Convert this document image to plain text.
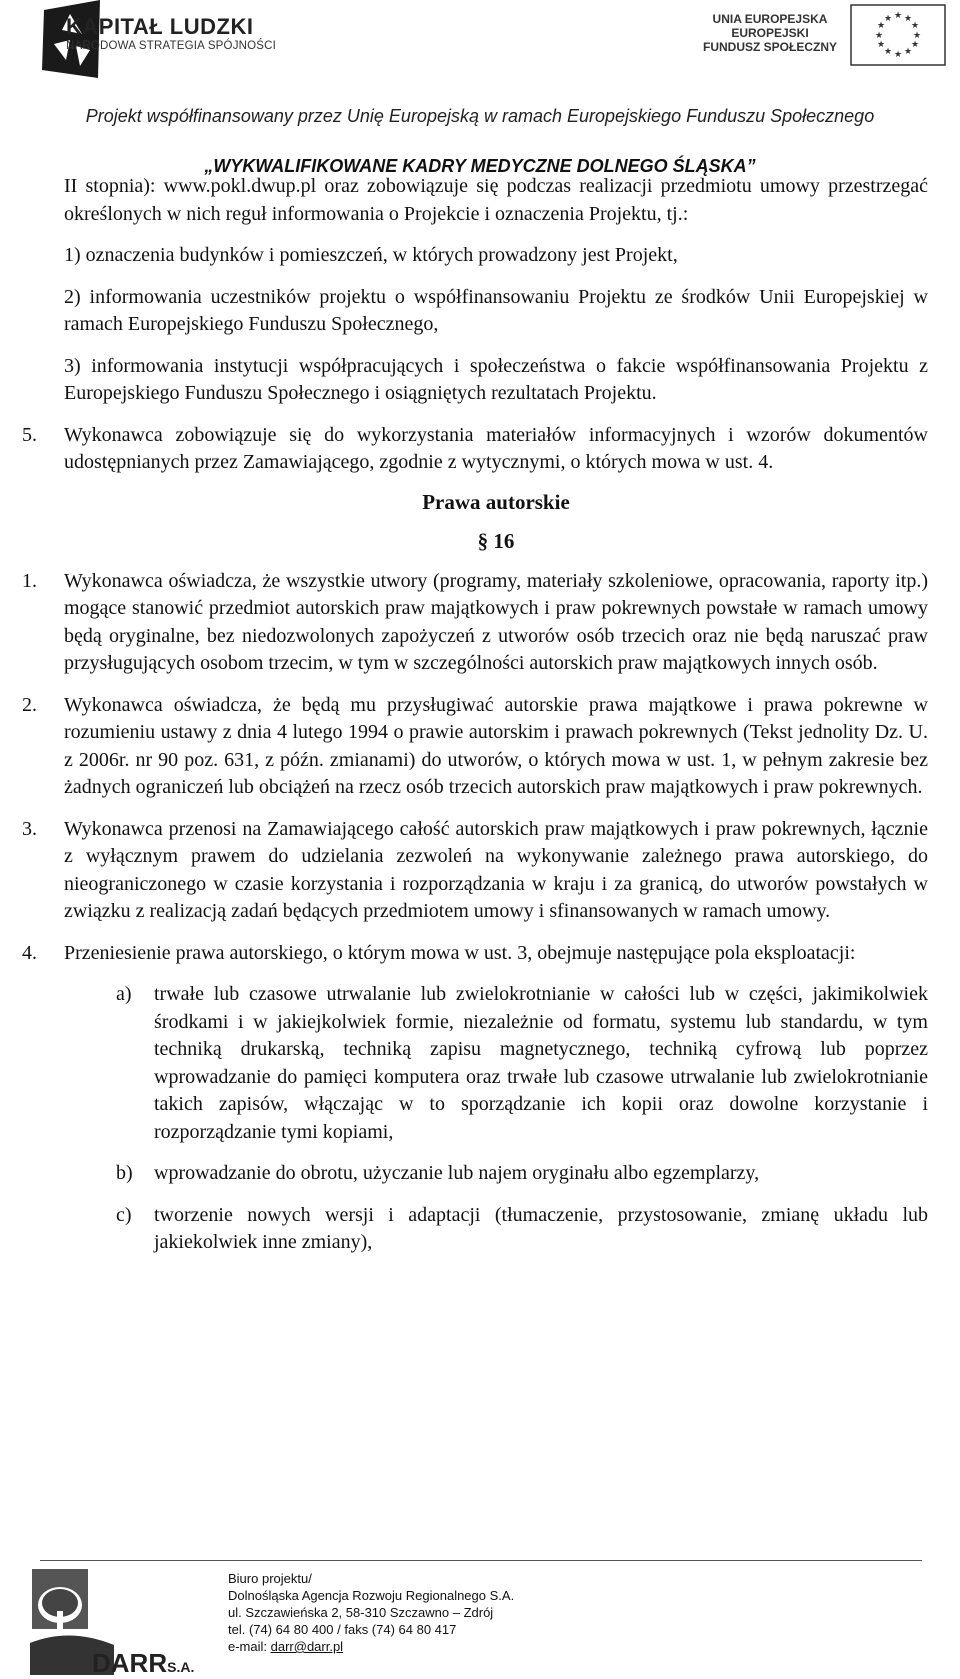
KAPITAŁ LUDZKI
NARODOWA STRATEGIA SPÓJNOŚCI
UNIA EUROPEJSKA
EUROPEJSKI
FUNDUSZ SPOŁECZNY
★ ★
★
★
★
★
★
★
★
★
★
★
Projekt współfinansowany przez Unię Europejską w ramach Europejskiego Funduszu Społecznego
„WYKWALIFIKOWANE KADRY MEDYCZNE DOLNEGO ŚLĄSKA”

II stopnia): www.pokl.dwup.pl oraz zobowiązuje się podczas realizacji przedmiotu umowy przestrzegać określonych w nich reguł informowania o Projekcie i oznaczenia Projektu, tj.:

1) oznaczenia budynków i pomieszczeń, w których prowadzony jest Projekt,

2) informowania uczestników projektu o współfinansowaniu Projektu ze środków Unii Europejskiej w ramach Europejskiego Funduszu Społecznego,

3) informowania instytucji współpracujących i społeczeństwa o fakcie współfinansowania Projektu z Europejskiego Funduszu Społecznego i osiągniętych rezultatach Projektu.

5.	Wykonawca zobowiązuje się do wykorzystania materiałów informacyjnych i wzorów dokumentów udostępnianych przez Zamawiającego, zgodnie z wytycznymi, o których mowa w ust. 4.
Prawa autorskie
§ 16
1.	Wykonawca oświadcza, że wszystkie utwory (programy, materiały szkoleniowe, opracowania, raporty itp.) mogące stanowić przedmiot autorskich praw majątkowych i praw pokrewnych powstałe w ramach umowy będą oryginalne, bez niedozwolonych zapożyczeń z utworów osób trzecich oraz nie będą naruszać praw przysługujących osobom trzecim, w tym w szczególności autorskich praw majątkowych innych osób.
2.	Wykonawca oświadcza, że będą mu przysługiwać autorskie prawa majątkowe i prawa pokrewne w rozumieniu ustawy z dnia 4 lutego 1994 o prawie autorskim i prawach pokrewnych (Tekst jednolity Dz. U. z 2006r. nr 90 poz. 631, z późn. zmianami) do utworów, o których mowa w ust. 1, w pełnym zakresie bez żadnych ograniczeń lub obciążeń na rzecz osób trzecich autorskich praw majątkowych i praw pokrewnych.
3.	Wykonawca przenosi na Zamawiającego całość autorskich praw majątkowych i praw pokrewnych, łącznie z wyłącznym prawem do udzielania zezwoleń na wykonywanie zależnego prawa autorskiego, do nieograniczonego w czasie korzystania i rozporządzania w kraju i za granicą, do utworów powstałych w związku z realizacją zadań będących przedmiotem umowy i sfinansowanych w ramach umowy.
4.	Przeniesienie prawa autorskiego, o którym mowa w ust. 3, obejmuje następujące pola eksploatacji:
a)	trwałe lub czasowe utrwalanie lub zwielokrotnianie w całości lub w części, jakimikolwiek środkami i w jakiejkolwiek formie, niezależnie od formatu, systemu lub standardu, w tym techniką drukarską, techniką zapisu magnetycznego, techniką cyfrową lub poprzez wprowadzanie do pamięci komputera oraz trwałe lub czasowe utrwalanie lub zwielokrotnianie takich zapisów, włączając w to sporządzanie ich kopii oraz dowolne korzystanie i rozporządzanie tymi kopiami,
b)	wprowadzanie do obrotu, użyczanie lub najem oryginału albo egzemplarzy,
c)	tworzenie nowych wersji i adaptacji (tłumaczenie, przystosowanie, zmianę układu lub jakiekolwiek inne zmiany),
DARRS.A.
Biuro projektu/
Dolnośląska Agencja Rozwoju Regionalnego S.A.
ul. Szczawieńska 2, 58-310 Szczawno – Zdrój
tel. (74) 64 80 400 / faks (74) 64 80 417
e-mail: darr@darr.pl
